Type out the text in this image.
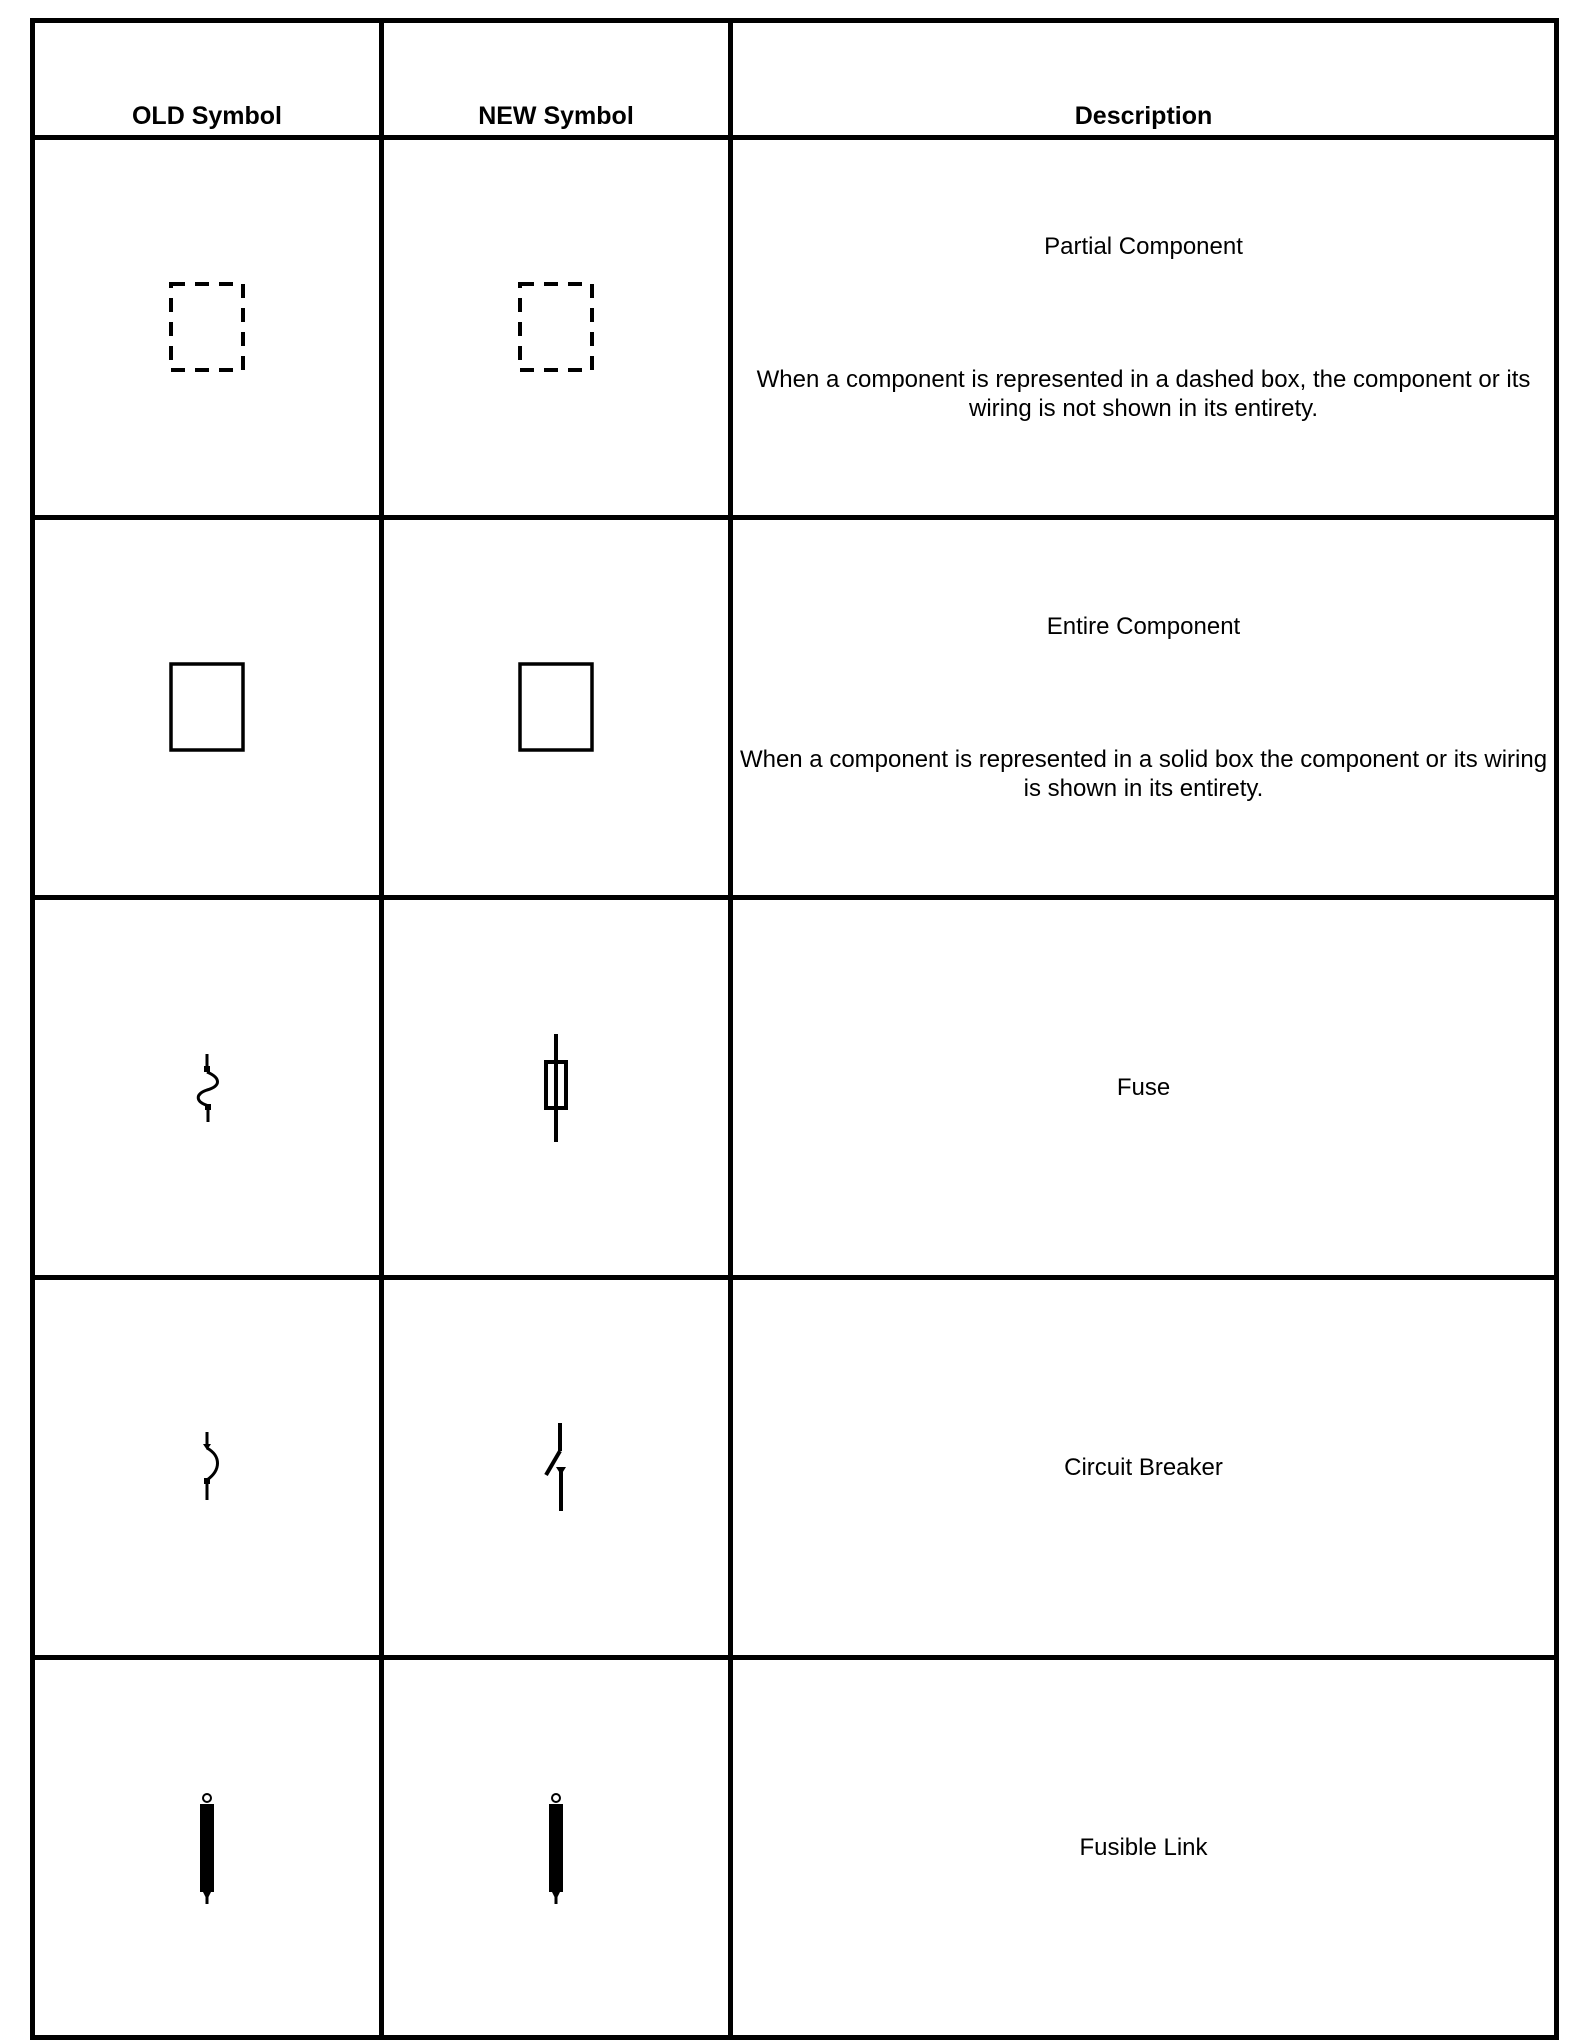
OLD Symbol	NEW Symbol	Description

Partial Component
When a component is represented in a dashed box, the component or its wiring is not shown in its entirety.

Entire Component
When a component is represented in a solid box the component or its wiring is shown in its entirety.

Fuse

Circuit Breaker

Fusible Link
